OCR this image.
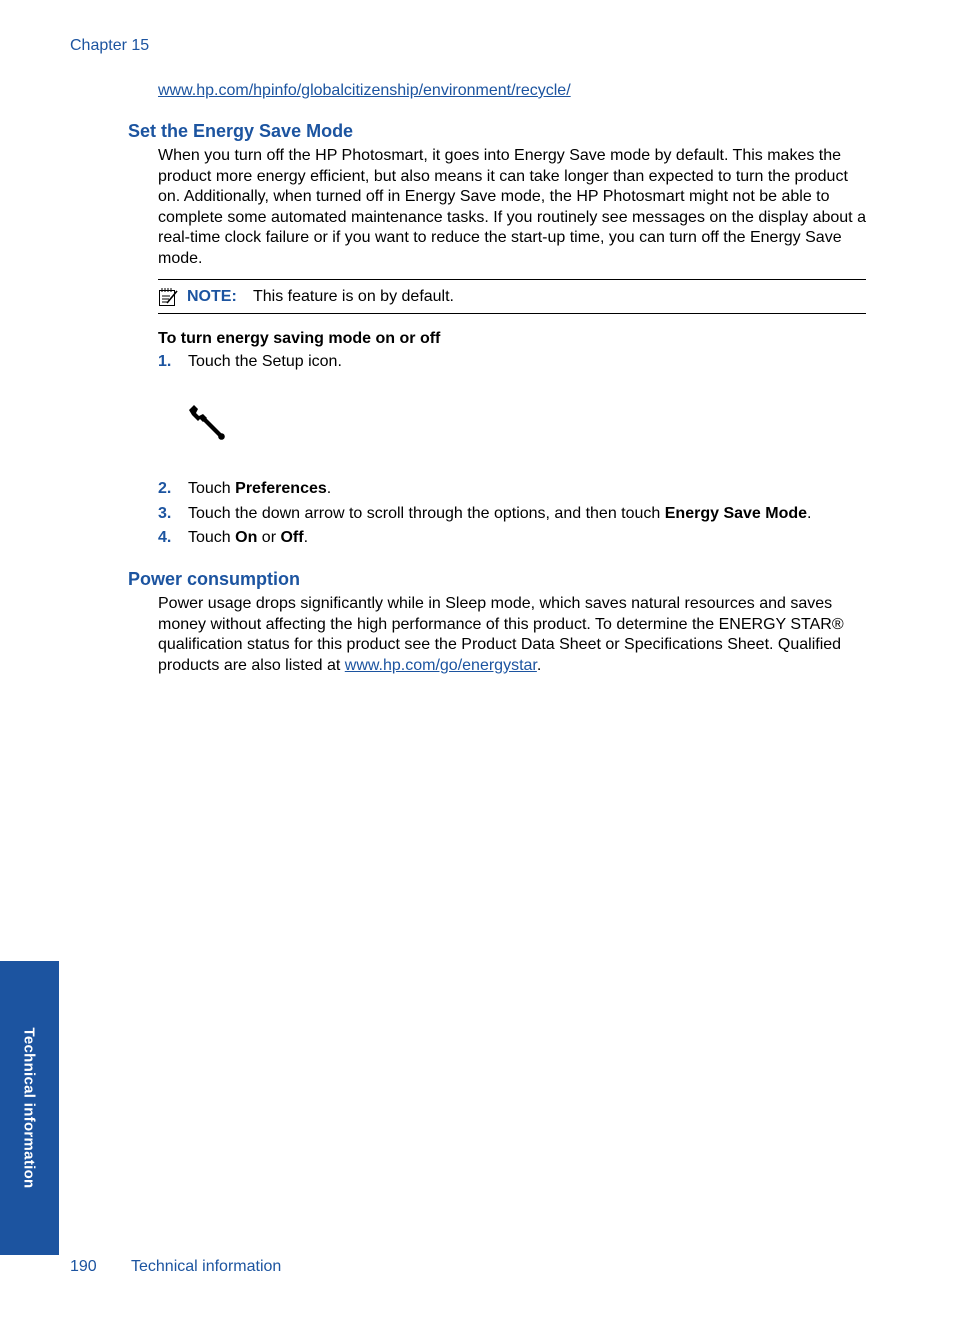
Chapter 15
www.hp.com/hpinfo/globalcitizenship/environment/recycle/
Set the Energy Save Mode

When you turn off the HP Photosmart, it goes into Energy Save mode by default. This makes the product more energy efficient, but also means it can take longer than expected to turn the product on. Additionally, when turned off in Energy Save mode, the HP Photosmart might not be able to complete some automated maintenance tasks. If you routinely see messages on the display about a real-time clock failure or if you want to reduce the start-up time, you can turn off the Energy Save mode.

NOTE: This feature is on by default.
To turn energy saving mode on or off
1. Touch the Setup icon.
2. Touch Preferences.
3. Touch the down arrow to scroll through the options, and then touch Energy Save Mode.
4. Touch On or Off.
Power consumption

Power usage drops significantly while in Sleep mode, which saves natural resources and saves money without affecting the high performance of this product. To determine the ENERGY STAR® qualification status for this product see the Product Data Sheet or Specifications Sheet. Qualified products are also listed at www.hp.com/go/energystar.

Technical information
190 Technical information
